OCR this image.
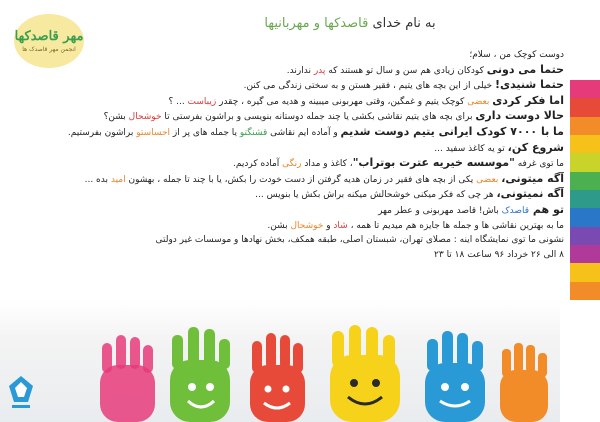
مهر قاصدکها
انجمن مهر قاصدک ها
به نام خدای قاصدکها و مهربانیها
دوست کوچک من ، سلام؛
حتما می دونی کودکان زیادی هم سن و سال تو هستند که پدر ندارند.
حتما شنیدی! خیلی از این بچه های یتیم ، فقیر هستن و به سختی زندگی می کنن.
اما فکر کردی بعضی کوچک یتیم و غمگین، وقتی مهربونی میبینه و هدیه می گیره ، چقدر زیباست ... ؟
حالا دوست داری برای بچه های یتیم نقاشی بکشی یا چند جمله دوستانه بنویسی و براشون بفرستی تا خوشحال بشن؟
ما با ۷۰۰۰ کودک ایرانی یتیم دوست شدیم و آماده ایم نقاشی قشنگتو یا جمله های پر از احساستو براشون بفرستیم.
شروع کن، تو یه کاغذ سفید ...
ما توی غرفه "موسسه خیریه عترت بوتراب"، کاغذ و مداد رنگی آماده کردیم.
آگه میتونی، بعضی یکی از بچه های فقیر در زمان هدیه گرفتن از دست خودت را بکش، یا با چند تا جمله ، بهشون امید بده ...
آگه نمیتونی، هر چی که فکر میکنی خوشحالش میکنه براش بکش یا بنویس ...
تو هم قاصدک باش! قاصد مهربونی و عطر مهر
ما به بهترین نقاشی ها و جمله ها جایزه هم میدیم تا همه ، شاد و خوشحال بشن.
نشونی ما توی نمایشگاه اینه : مصلای تهران، شبستان اصلی، طبقه همکف، بخش نهادها و موسسات غیر دولتی
۸ الی ۲۶ خرداد ۹۶ ساعت ۱۸ تا ۲۳
